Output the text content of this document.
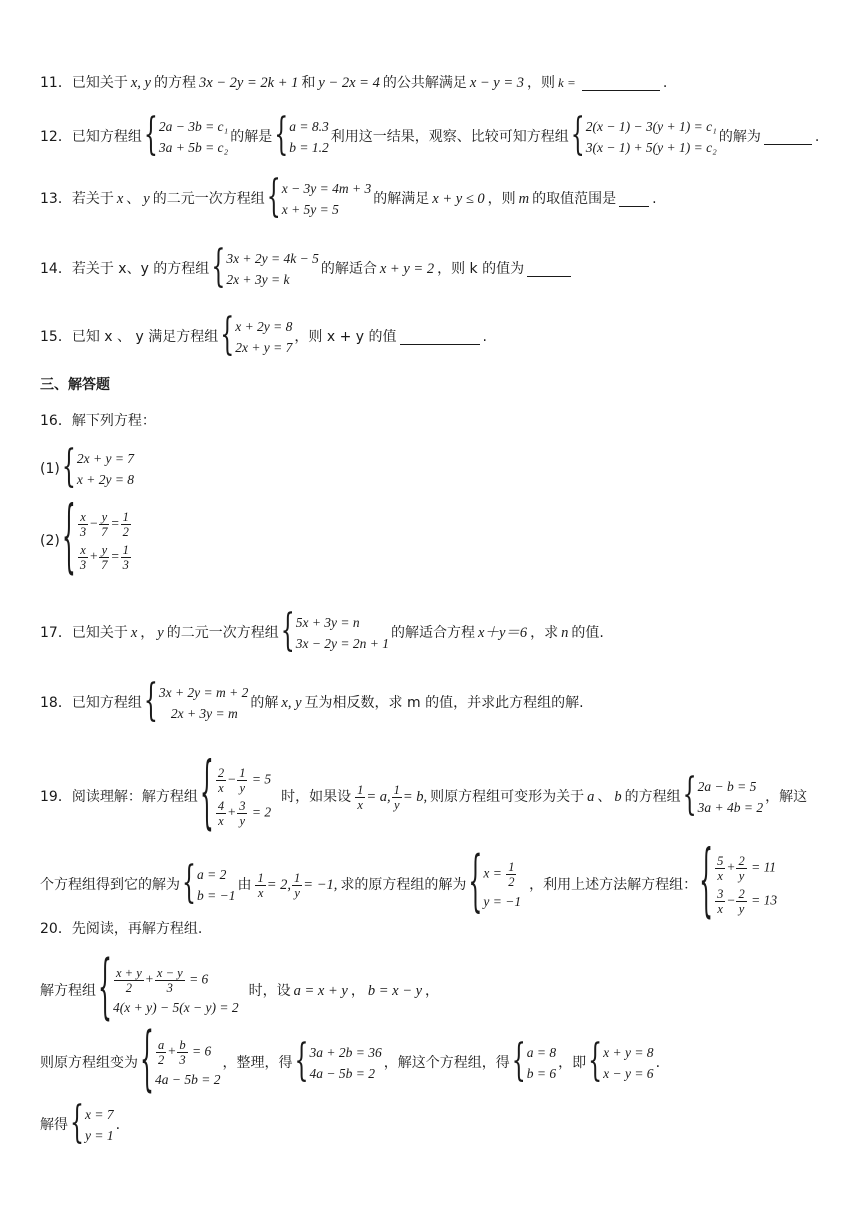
11． 已知关于 x, y 的方程 3x − 2y = 2k + 1 和 y − 2x = 4 的公共解满足 x − y = 3 ，则 k =	.
12． 已知方程组 { 2a − 3b = c₁
3a + 5b = c₂
的解是 { a = 8.3
b = 1.2
利用这一结果，观察、比较可知方程组 { 2(x − 1) − 3(y + 1) = c₁
3(x − 1) + 5(y + 1) = c₂
的解为	.
13． 若关于 x 、 y 的二元一次方程组 { x − 3y = 4m + 3
x + 5y = 5
的解满足 x + y ≤ 0 ，则 m 的取值范围是	.
14． 若关于 x、y 的方程组 { 3x + 2y = 4k − 5
2x + 3y = k
的解适合 x + y = 2 ，则 k 的值为
15． 已知 x 、 y 满足方程组 { x + 2y = 8
2x + y = 7
，则 x + y 的值	.
三、解答题
16．解下列方程：
(1) { 2x + y = 7
x + 2y = 8
(2) { $\frac{x}{3} - \frac{y}{7} = \frac{1}{2}$
$\frac{x}{3} + \frac{y}{7} = \frac{1}{3}$
17． 已知关于 x ， y 的二元一次方程组 { 5x + 3y = n
3x − 2y = 2n + 1
的解适合方程 x＋y＝6 ，求 n 的值.
18． 已知方程组 { 3x + 2y = m + 2
2x + 3y = m
的解 x, y 互为相反数，求 m 的值，并求此方程组的解.
19． 阅读理解：解方程组 { $\frac{2}{x} - \frac{1}{y} = 5$
$\frac{4}{x} + \frac{3}{y} = 2$
时，如果设 $\frac{1}{x} = a$, $\frac{1}{y} = b$, 则原方程组可变形为关于 a 、 b 的方程组 { 2a − b = 5
3a + 4b = 2
，解这
个方程组得到它的解为 { a = 2
b = −1
由 $\frac{1}{x} = 2$, $\frac{1}{y} = -1$, 求的原方程组的解为 { $x = \frac{1}{2}$
y = −1
，利用上述方法解方程组： { $\frac{5}{x} + \frac{2}{y} = 11$
$\frac{3}{x} - \frac{2}{y} = 13$
20．先阅读，再解方程组.
解方程组 { $\frac{x + y}{2} + \frac{x - y}{3} = 6$
4(x + y) − 5(x − y) = 2
时，设 a = x + y ， b = x − y ，
则原方程组变为 { $\frac{a}{2} + \frac{b}{3} = 6$
4a − 5b = 2
，整理，得 { 3a + 2b = 36
4a − 5b = 2
，解这个方程组，得 { a = 8
b = 6
，即 { x + y = 8
x − y = 6
.
解得 { x = 7
y = 1
.
